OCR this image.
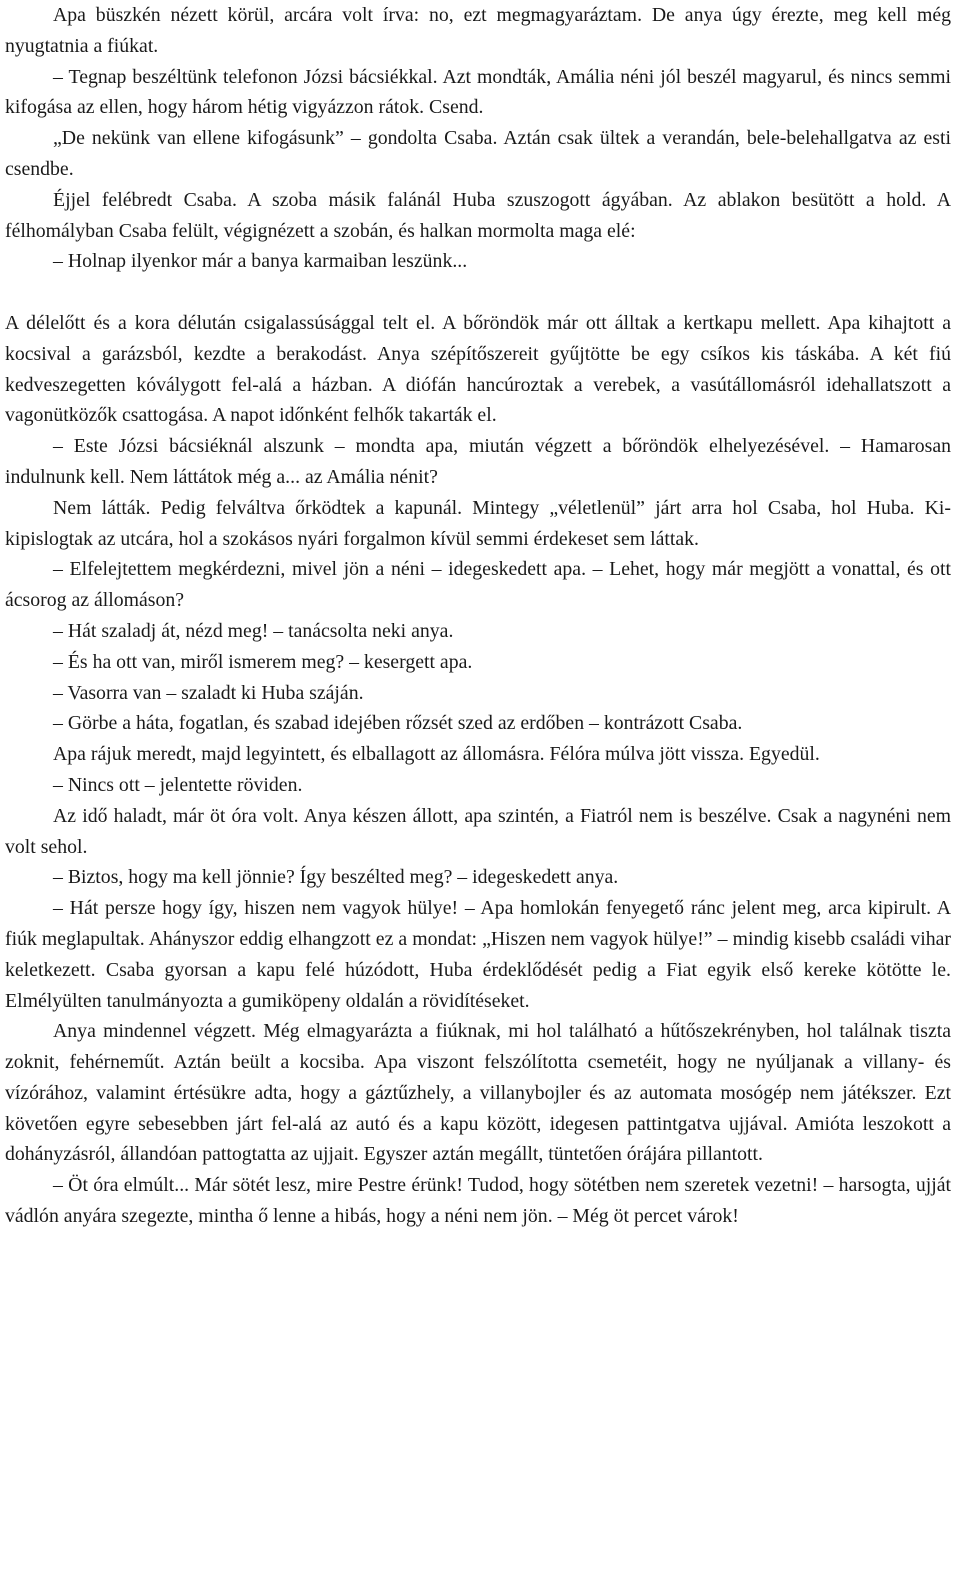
Apa büszkén nézett körül, arcára volt írva: no, ezt megmagyaráztam. De anya úgy érezte, meg kell még nyugtatnia a fiúkat.

– Tegnap beszéltünk telefonon Józsi bácsiékkal. Azt mondták, Amália néni jól beszél magyarul, és nincs semmi kifogása az ellen, hogy három hétig vigyázzon rátok. Csend.

„De nekünk van ellene kifogásunk” – gondolta Csaba. Aztán csak ültek a verandán, bele-belehallgatva az esti csendbe.

Éjjel felébredt Csaba. A szoba másik falánál Huba szuszogott ágyában. Az ablakon besütött a hold. A félhomályban Csaba felült, végignézett a szobán, és halkan mormolta maga elé:

– Holnap ilyenkor már a banya karmaiban leszünk...

A délelőtt és a kora délután csigalassúsággal telt el. A bőröndök már ott álltak a kertkapu mellett. Apa kihajtott a kocsival a garázsból, kezdte a berakodást. Anya szépítőszereit gyűjtötte be egy csíkos kis táskába. A két fiú kedveszegetten kóválygott fel-alá a házban. A diófán hancúroztak a verebek, a vasútállomásról idehallatszott a vagonütközők csattogása. A napot időnként felhők takarták el.

– Este Józsi bácsiéknál alszunk – mondta apa, miután végzett a bőröndök elhelyezésével. – Hamarosan indulnunk kell. Nem láttátok még a... az Amália nénit?

Nem látták. Pedig felváltva őrködtek a kapunál. Mintegy „véletlenül” járt arra hol Csaba, hol Huba. Ki-kipislogtak az utcára, hol a szokásos nyári forgalmon kívül semmi érdekeset sem láttak.

– Elfelejtettem megkérdezni, mivel jön a néni – idegeskedett apa. – Lehet, hogy már megjött a vonattal, és ott ácsorog az állomáson?

– Hát szaladj át, nézd meg! – tanácsolta neki anya.

– És ha ott van, miről ismerem meg? – kesergett apa.

– Vasorra van – szaladt ki Huba száján.

– Görbe a háta, fogatlan, és szabad idejében rőzsét szed az erdőben – kontrázott Csaba.

Apa rájuk meredt, majd legyintett, és elballagott az állomásra. Félóra múlva jött vissza. Egyedül.

– Nincs ott – jelentette röviden.

Az idő haladt, már öt óra volt. Anya készen állott, apa szintén, a Fiatról nem is beszélve. Csak a nagynéni nem volt sehol.

– Biztos, hogy ma kell jönnie? Így beszélted meg? – idegeskedett anya.

– Hát persze hogy így, hiszen nem vagyok hülye! – Apa homlokán fenyegető ránc jelent meg, arca kipirult. A fiúk meglapultak. Ahányszor eddig elhangzott ez a mondat: „Hiszen nem vagyok hülye!” – mindig kisebb családi vihar keletkezett. Csaba gyorsan a kapu felé húzódott, Huba érdeklődését pedig a Fiat egyik első kereke kötötte le. Elmélyülten tanulmányozta a gumiköpeny oldalán a rövidítéseket.

Anya mindennel végzett. Még elmagyarázta a fiúknak, mi hol található a hűtőszekrényben, hol találnak tiszta zoknit, fehérneműt. Aztán beült a kocsiba. Apa viszont felszólította csemetéit, hogy ne nyúljanak a villany- és vízórához, valamint értésükre adta, hogy a gáztűzhely, a villanybojler és az automata mosógép nem játékszer. Ezt követően egyre sebesebben járt fel-alá az autó és a kapu között, idegesen pattintgatva ujjával. Amióta leszokott a dohányzásról, állandóan pattogtatta az ujjait. Egyszer aztán megállt, tüntetően órájára pillantott.

– Öt óra elmúlt... Már sötét lesz, mire Pestre érünk! Tudod, hogy sötétben nem szeretek vezetni! – harsogta, ujját vádlón anyára szegezte, mintha ő lenne a hibás, hogy a néni nem jön. – Még öt percet várok!
